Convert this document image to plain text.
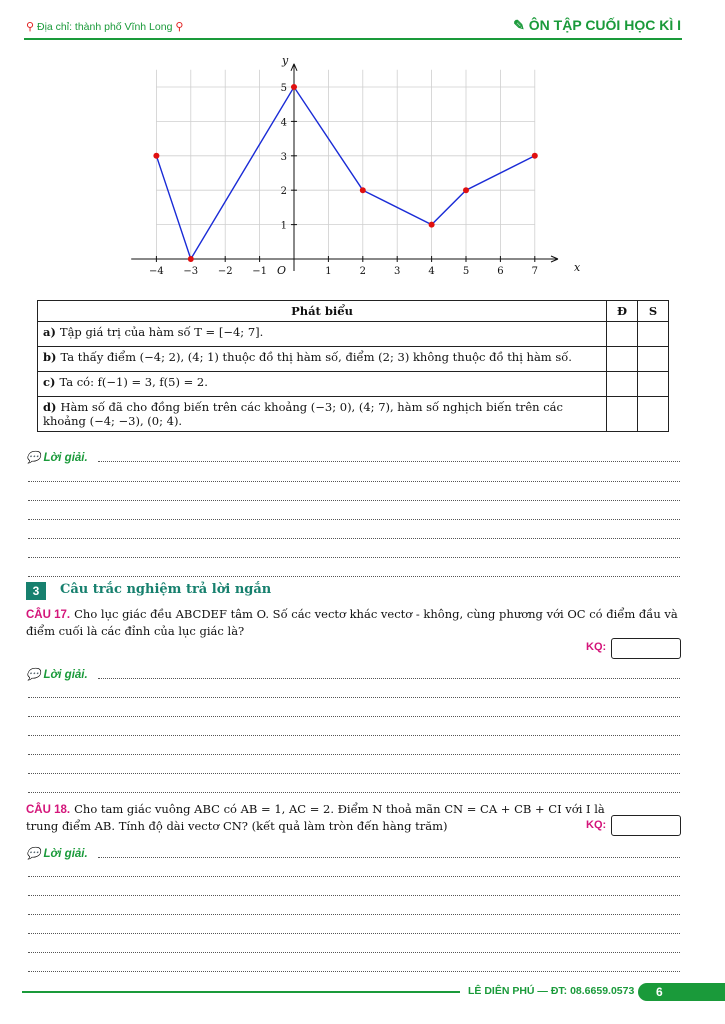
⚲ Địa chỉ: thành phố Vĩnh Long ⚲	✎ ÔN TẬP CUỐI HỌC KÌ I
−4 −3 −2 −1	1	2	3	4	5	6	7
1
2
3
4
5
O	x
y
Phát biểu	Đ	S
a) Tập giá trị của hàm số T = [−4; 7].		
b) Ta thấy điểm (−4; 2), (4; 1) thuộc đồ thị hàm số, điểm (2; 3) không thuộc đồ thị hàm số.		
c) Ta có: f(−1) = 3, f(5) = 2.		
d) Hàm số đã cho đồng biến trên các khoảng (−3; 0), (4; 7), hàm số nghịch biến trên các khoảng (−4; −3), (0; 4).		
💬 Lời giải.
3	Câu trắc nghiệm trả lời ngắn
CÂU 17. Cho lục giác đều ABCDEF tâm O. Số các vectơ khác vectơ - không, cùng phương với OC có điểm đầu và điểm cuối là các đỉnh của lục giác là?
KQ:
💬 Lời giải.
CÂU 18. Cho tam giác vuông ABC có AB = 1, AC = 2. Điểm N thoả mãn CN = CA + CB + CI với I là trung điểm AB. Tính độ dài vectơ CN? (kết quả làm tròn đến hàng trăm)	KQ:
💬 Lời giải.
LÊ DIÊN PHÚ — ĐT: 08.6659.0573	6
